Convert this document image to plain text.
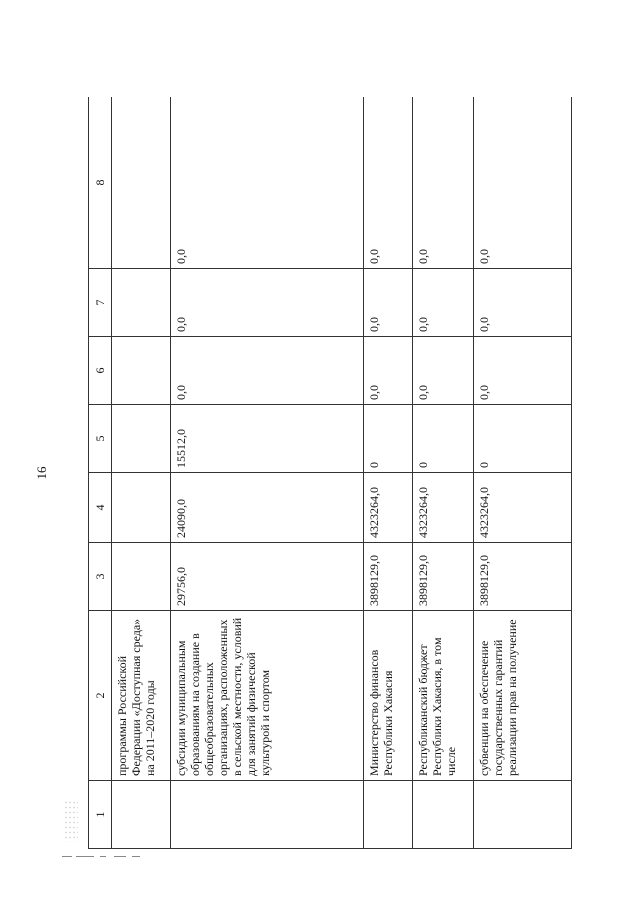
16
1	2	3	4	5	6	7	8
	программы Российской Федерации «Доступная среда» на 2011–2020 годы						
	субсидии муниципальным образованиям на создание в общеобразовательных организациях, расположенных в сельской местности, условий для занятий физической культурой и спортом	29756,0	24090,0	15512,0	0,0	0,0	0,0
	Министерство финансов Республики Хакасия	3898129,0	4323264,0	0	0,0	0,0	0,0
	Республиканский бюджет Республики Хакасия, в том числе	3898129,0	4323264,0	0	0,0	0,0	0,0
	субвенции на обеспечение государственных гарантий реализации прав на получение	3898129,0	4323264,0	0	0,0	0,0	0,0
